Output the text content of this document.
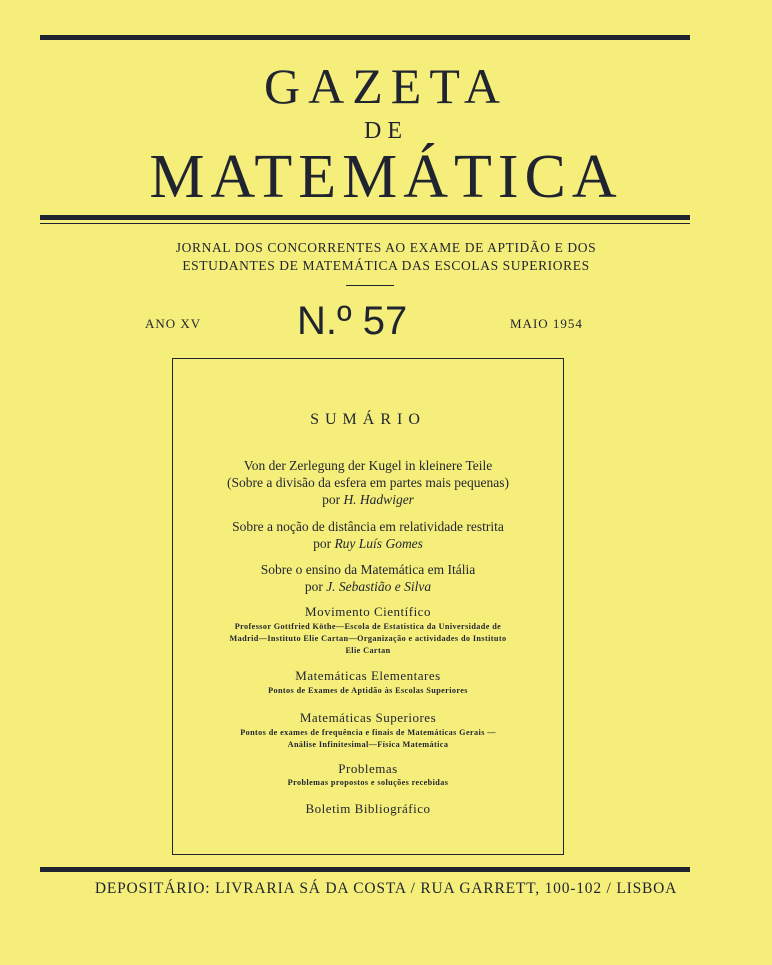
GAZETA
DE
MATEMÁTICA
JORNAL DOS CONCORRENTES AO EXAME DE APTIDÃO E DOS
ESTUDANTES DE MATEMÁTICA DAS ESCOLAS SUPERIORES
ANO XV N.º 57	MAIO 1954
SUMÁRIO
Von der Zerlegung der Kugel in kleinere Teile
(Sobre a divisão da esfera em partes mais pequenas)
por H. Hadwiger
Sobre a noção de distância em relatividade restrita
por Ruy Luís Gomes
Sobre o ensino da Matemática em Itália
por J. Sebastião e Silva
Movimento Científico
Professor Gottfried Köthe—Escola de Estatística da Universidade de
Madrid—Instituto Elie Cartan—Organização e actividades do Instituto
Elie Cartan
Matemáticas Elementares
Pontos de Exames de Aptidão às Escolas Superiores
Matemáticas Superiores
Pontos de exames de frequência e finais de Matemáticas Gerais —
Análise Infinitesimal—Física Matemática
Problemas
Problemas propostos e soluções recebidas
Boletim Bibliográfico
DEPOSITÁRIO: LIVRARIA SÁ DA COSTA / RUA GARRETT, 100-102 / LISBOA
